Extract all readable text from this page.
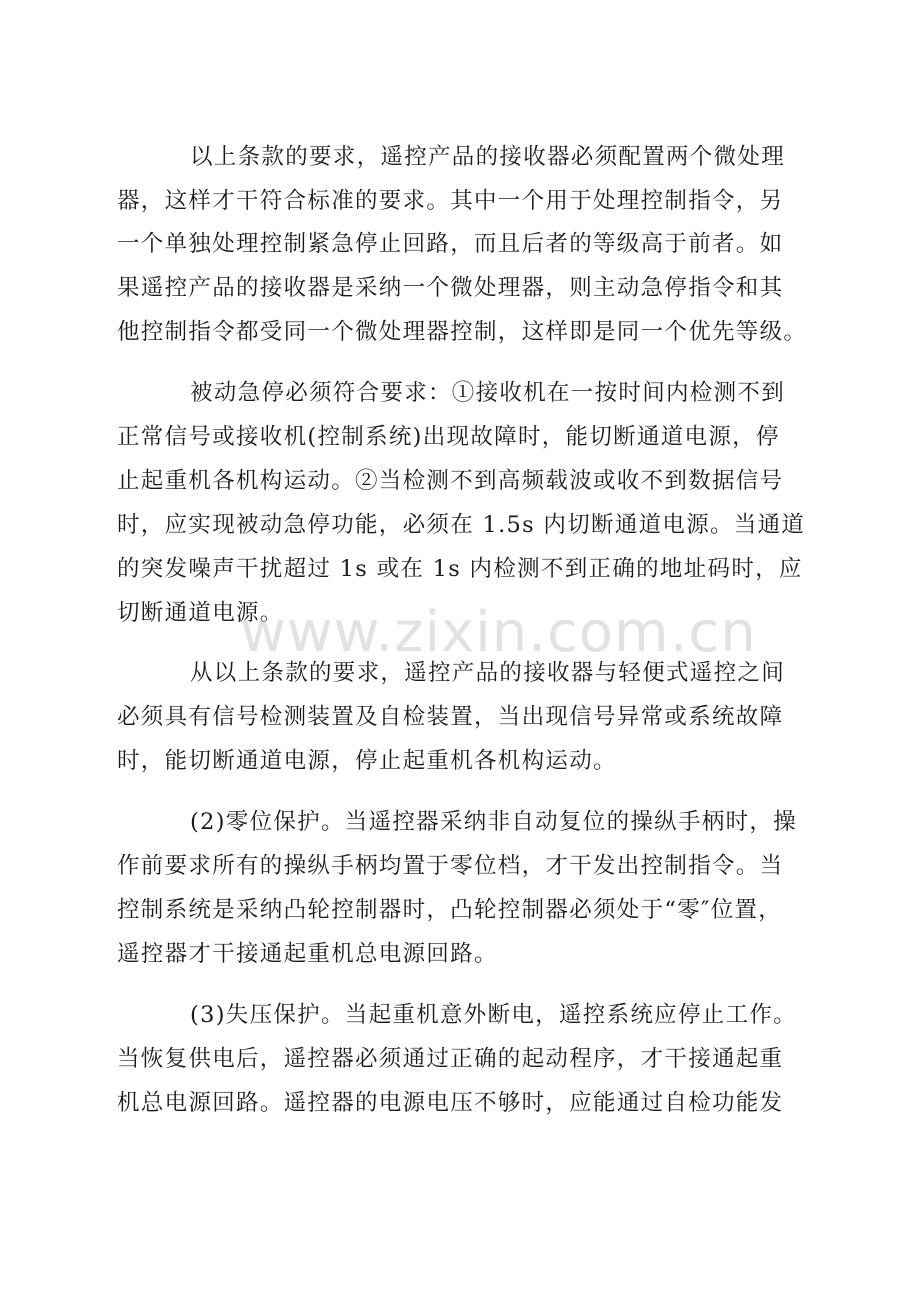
以上条款的要求，遥控产品的接收器必须配置两个微处理
器，这样才干符合标准的要求。其中一个用于处理控制指令，另
一个单独处理控制紧急停止回路，而且后者的等级高于前者。如
果遥控产品的接收器是采纳一个微处理器，则主动急停指令和其
他控制指令都受同一个微处理器控制，这样即是同一个优先等级。
被动急停必须符合要求：①接收机在一按时间内检测不到
正常信号或接收机(控制系统)出现故障时，能切断通道电源，停
止起重机各机构运动。②当检测不到高频载波或收不到数据信号
时，应实现被动急停功能，必须在 1.5s 内切断通道电源。当通道
的突发噪声干扰超过 1s 或在 1s 内检测不到正确的地址码时，应
切断通道电源。
从以上条款的要求，遥控产品的接收器与轻便式遥控之间
必须具有信号检测装置及自检装置，当出现信号异常或系统故障
时，能切断通道电源，停止起重机各机构运动。
(2)零位保护。当遥控器采纳非自动复位的操纵手柄时，操
作前要求所有的操纵手柄均置于零位档，才干发出控制指令。当
控制系统是采纳凸轮控制器时，凸轮控制器必须处于“零″位置，
遥控器才干接通起重机总电源回路。
(3)失压保护。当起重机意外断电，遥控系统应停止工作。
当恢复供电后，遥控器必须通过正确的起动程序，才干接通起重
机总电源回路。遥控器的电源电压不够时，应能通过自检功能发
www.zixin.com.cn
